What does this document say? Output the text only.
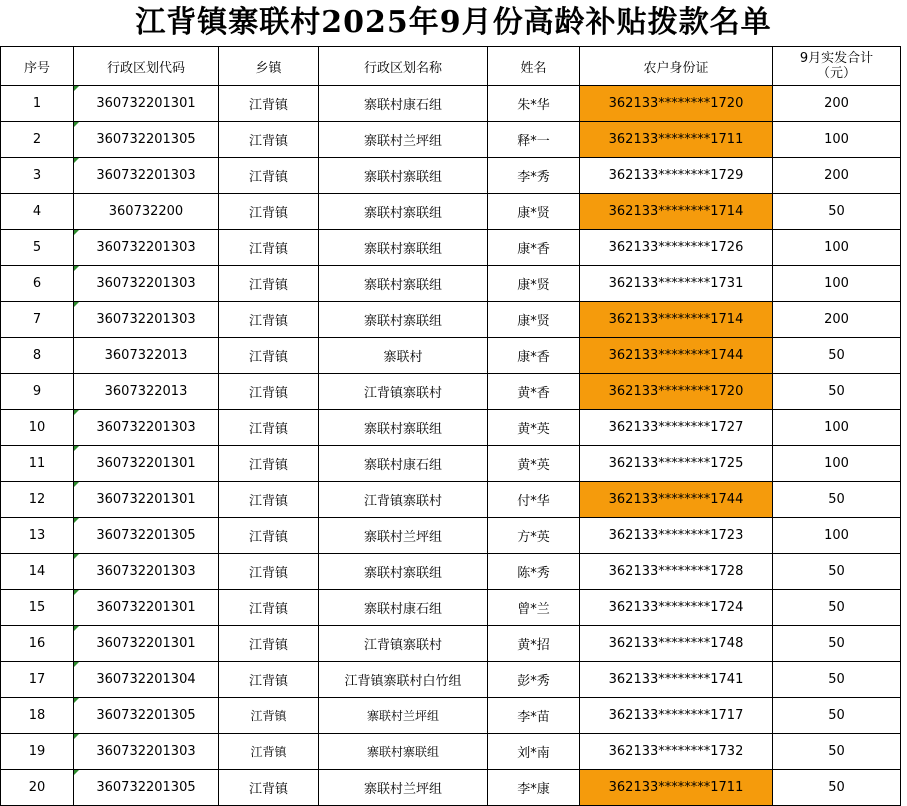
江背镇寨联村2025年9月份高龄补贴拨款名单
序号	行政区划代码	乡镇	行政区划名称	姓名	农户身份证	9月实发合计
（元）
1	360732201301	江背镇	寨联村康石组	朱*华	362133********1720	200
2	360732201305	江背镇	寨联村兰坪组	释*一	362133********1711	100
3	360732201303	江背镇	寨联村寨联组	李*秀	362133********1729	200
4	360732200	江背镇	寨联村寨联组	康*贤	362133********1714	50
5	360732201303	江背镇	寨联村寨联组	康*香	362133********1726	100
6	360732201303	江背镇	寨联村寨联组	康*贤	362133********1731	100
7	360732201303	江背镇	寨联村寨联组	康*贤	362133********1714	200
8	3607322013	江背镇	寨联村	康*香	362133********1744	50
9	3607322013	江背镇	江背镇寨联村	黄*香	362133********1720	50
10	360732201303	江背镇	寨联村寨联组	黄*英	362133********1727	100
11	360732201301	江背镇	寨联村康石组	黄*英	362133********1725	100
12	360732201301	江背镇	江背镇寨联村	付*华	362133********1744	50
13	360732201305	江背镇	寨联村兰坪组	方*英	362133********1723	100
14	360732201303	江背镇	寨联村寨联组	陈*秀	362133********1728	50
15	360732201301	江背镇	寨联村康石组	曾*兰	362133********1724	50
16	360732201301	江背镇	江背镇寨联村	黄*招	362133********1748	50
17	360732201304	江背镇	江背镇寨联村白竹组	彭*秀	362133********1741	50
18	360732201305	江背镇	寨联村兰坪组	李*苗	362133********1717	50
19	360732201303	江背镇	寨联村寨联组	刘*南	362133********1732	50
20	360732201305	江背镇	寨联村兰坪组	李*康	362133********1711	50
